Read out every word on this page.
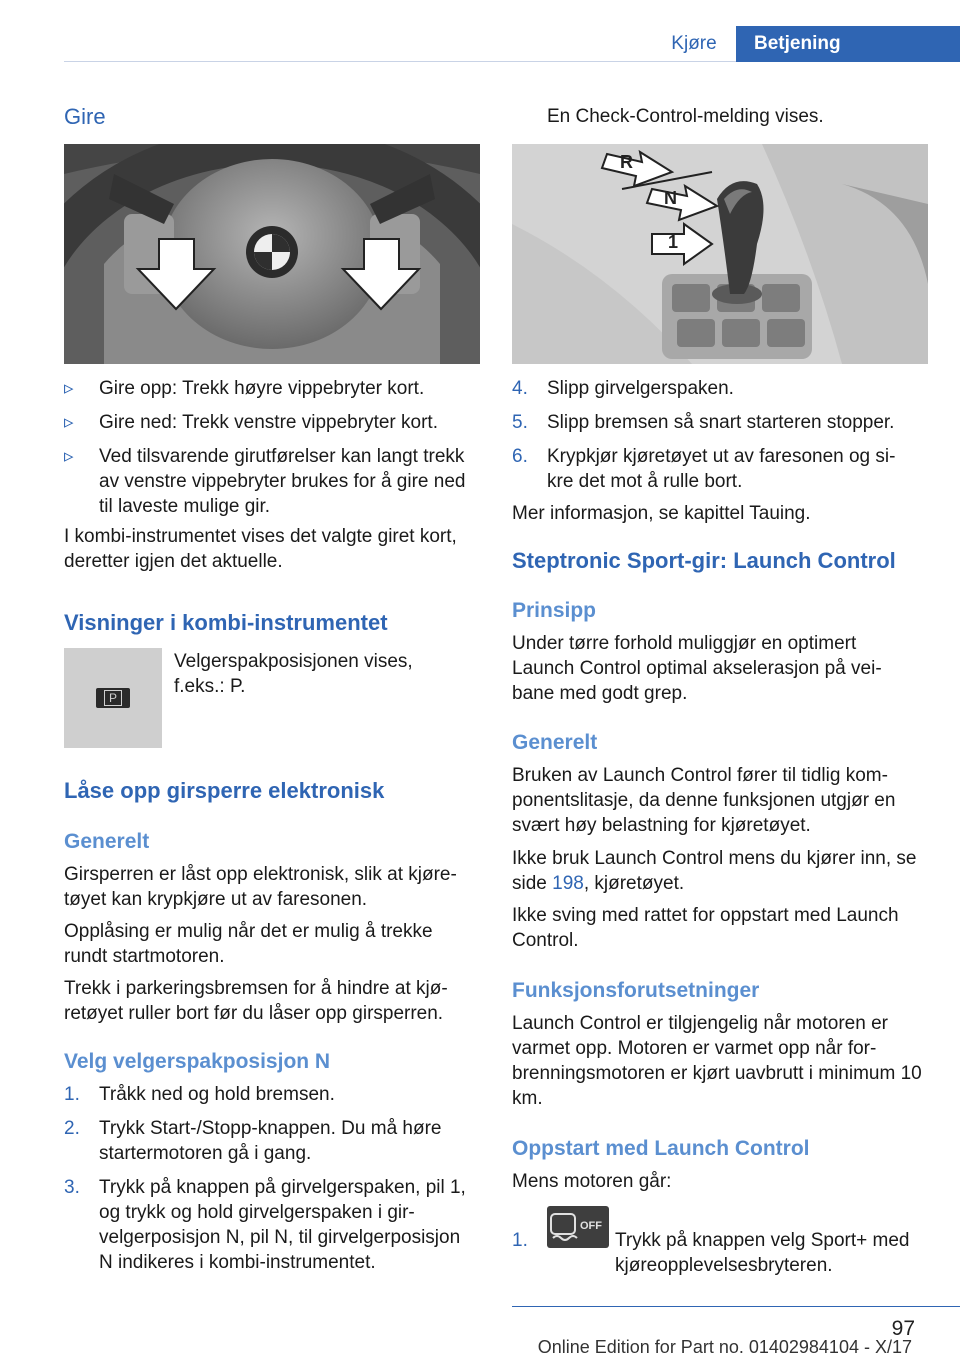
Kjøre	Betjening
Gire
▹ Gire opp: Trekk høyre vippebryter kort.
▹ Gire ned: Trekk venstre vippebryter kort.
▹ Ved tilsvarende girutførelser kan langt trekk av venstre vippebryter brukes for å gire ned til laveste mulige gir.

I kombi-instrumentet vises det valgte giret kort, deretter igjen det aktuelle.

Visninger i kombi-instrumentet
P

Velgerspakposisjonen vises, f.eks.: P.

Låse opp girsperre elektronisk
Generelt

Girsperren er låst opp elektronisk, slik at kjøre-tøyet kan krypkjøre ut av faresonen.

Opplåsing er mulig når det er mulig å trekke rundt startmotoren.

Trekk i parkeringsbremsen for å hindre at kjø-retøyet ruller bort før du låser opp girsperren.

Velg velgerspakposisjon N
1. Tråkk ned og hold bremsen.
2. Trykk Start-/Stopp-knappen. Du må høre startermotoren gå i gang.
3. Trykk på knappen på girvelgerspaken, pil 1, og trykk og hold girvelgerspaken i gir-velgerposisjon N, pil N, til girvelgerposisjon N indikeres i kombi-instrumentet.

En Check-Control-melding vises.

R
N
1
4. Slipp girvelgerspaken.
5. Slipp bremsen så snart starteren stopper.
6. Krypkjør kjøretøyet ut av faresonen og si-kre det mot å rulle bort.

Mer informasjon, se kapittel Tauing.

Steptronic Sport-gir: Launch Control
Prinsipp

Under tørre forhold muliggjør en optimert Launch Control optimal akselerasjon på vei-bane med godt grep.

Generelt

Bruken av Launch Control fører til tidlig kom-ponentslitasje, da denne funksjonen utgjør en svært høy belastning for kjøretøyet.

Ikke bruk Launch Control mens du kjører inn, se side 198, kjøretøyet.

Ikke sving med rattet for oppstart med Launch Control.

Funksjonsforutsetninger

Launch Control er tilgjengelig når motoren er varmet opp. Motoren er varmet opp når for-brenningsmotoren er kjørt uavbrutt i minimum 10 km.

Oppstart med Launch Control

Mens motoren går:

1.
OFF

Trykk på knappen velg Sport+ med kjøreopplevelsesbryteren.

97
Online Edition for Part no. 01402984104 - X/17
